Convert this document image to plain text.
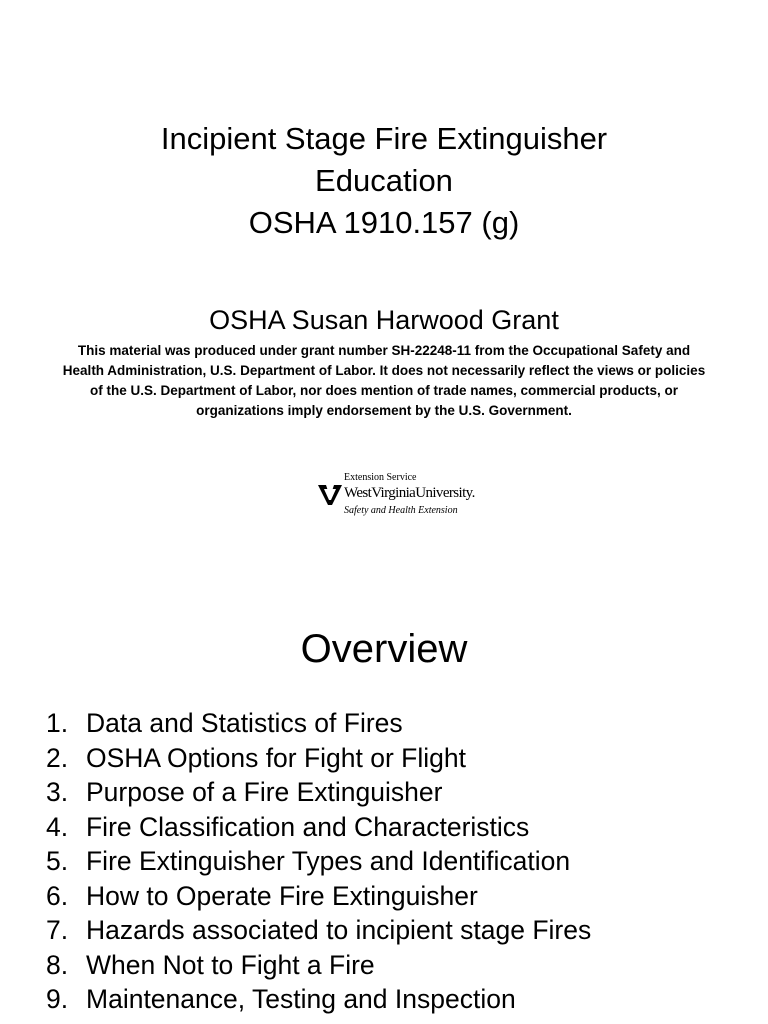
Incipient Stage Fire Extinguisher
Education
OSHA 1910.157 (g)
OSHA Susan Harwood Grant
This material was produced under grant number SH-22248-11 from the Occupational Safety and Health Administration, U.S. Department of Labor. It does not necessarily reflect the views or policies of the U.S. Department of Labor, nor does mention of trade names, commercial products, or organizations imply endorsement by the U.S. Government.
Extension Service
WestVirginiaUniversity.
Safety and Health Extension
Overview
1. Data and Statistics of Fires
2. OSHA Options for Fight or Flight
3. Purpose of a Fire Extinguisher
4. Fire Classification and Characteristics
5. Fire Extinguisher Types and Identification
6. How to Operate Fire Extinguisher
7. Hazards associated to incipient stage Fires
8. When Not to Fight a Fire
9. Maintenance, Testing and Inspection
